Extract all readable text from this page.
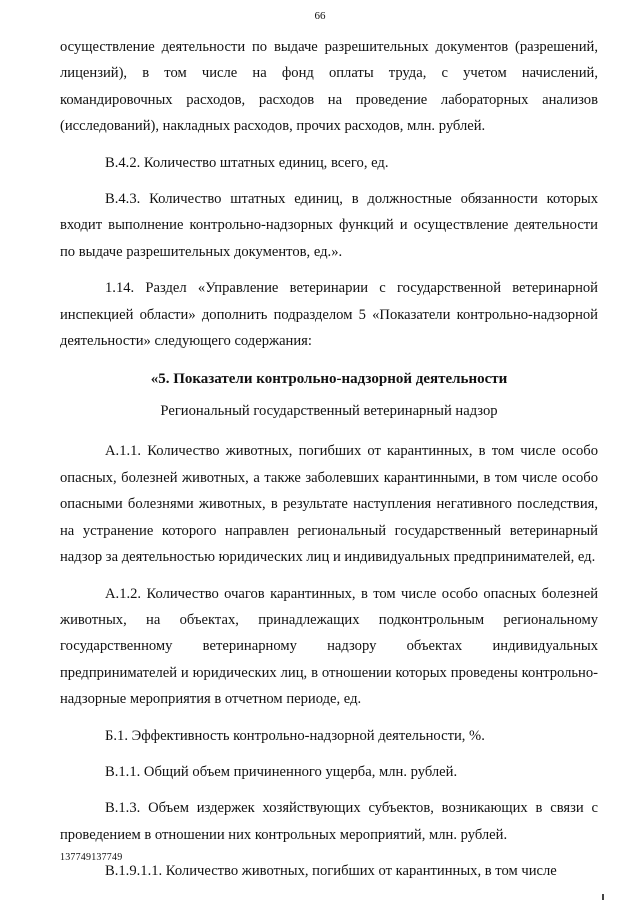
66

осуществление деятельности по выдаче разрешительных документов (разрешений, лицензий), в том числе на фонд оплаты труда, с учетом начислений, командировочных расходов, расходов на проведение лабораторных анализов (исследований), накладных расходов, прочих расходов, млн. рублей.

В.4.2. Количество штатных единиц, всего, ед.

В.4.3. Количество штатных единиц, в должностные обязанности которых входит выполнение контрольно-надзорных функций и осуществление деятельности по выдаче разрешительных документов, ед.».

1.14. Раздел «Управление ветеринарии с государственной ветеринарной инспекцией области» дополнить подразделом 5 «Показатели контрольно-надзорной деятельности» следующего содержания:

«5. Показатели контрольно-надзорной деятельности
Региональный государственный ветеринарный надзор

А.1.1. Количество животных, погибших от карантинных, в том числе особо опасных, болезней животных, а также заболевших карантинными, в том числе особо опасными болезнями животных, в результате наступления негативного последствия, на устранение которого направлен региональный государственный ветеринарный надзор за деятельностью юридических лиц и индивидуальных предпринимателей, ед.

А.1.2. Количество очагов карантинных, в том числе особо опасных болезней животных, на объектах, принадлежащих подконтрольным региональному государственному ветеринарному надзору объектах индивидуальных предпринимателей и юридических лиц, в отношении которых проведены контрольно-надзорные мероприятия в отчетном периоде, ед.

Б.1. Эффективность контрольно-надзорной деятельности, %.

В.1.1. Общий объем причиненного ущерба, млн. рублей.

В.1.3. Объем издержек хозяйствующих субъектов, возникающих в связи с проведением в отношении них контрольных мероприятий, млн. рублей.

В.1.9.1.1. Количество животных, погибших от карантинных, в том числе

137749137749
